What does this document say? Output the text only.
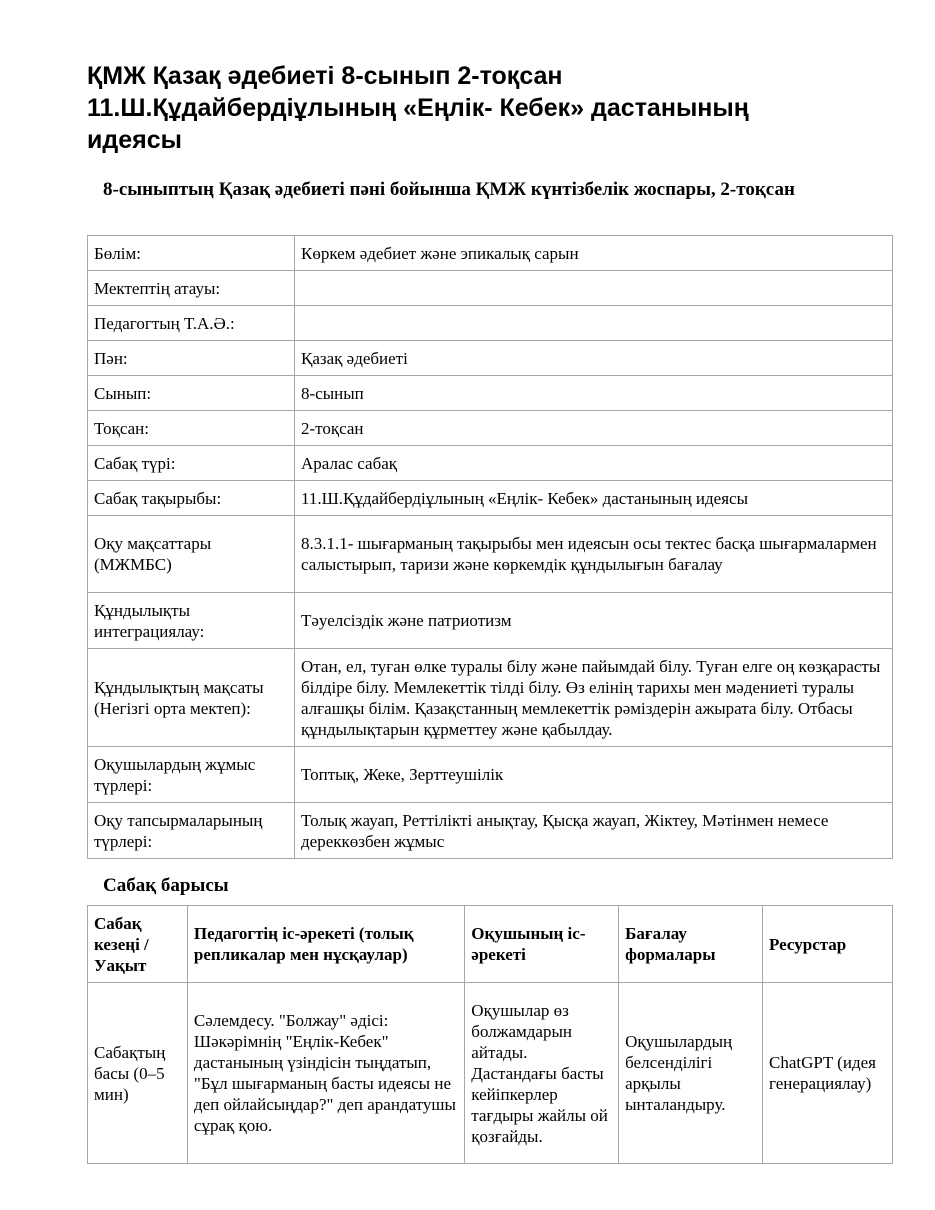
ҚМЖ Қазақ әдебиеті 8-сынып 2-тоқсан
11.Ш.Құдайбердіұлының «Еңлік- Кебек» дастанының
идеясы
8-сыныптың Қазақ әдебиеті пәні бойынша ҚМЖ күнтізбелік жоспары, 2-тоқсан
Бөлім:	Көркем әдебиет және эпикалық сарын
Мектептің атауы:	
Педагогтың Т.А.Ә.:	
Пән:	Қазақ әдебиеті
Сынып:	8-сынып
Тоқсан:	2-тоқсан
Сабақ түрі:	Аралас сабақ
Сабақ тақырыбы:	11.Ш.Құдайбердіұлының «Еңлік- Кебек» дастанының идеясы
Оқу мақсаттары (МЖМБС)	8.3.1.1- шығарманың тақырыбы мен идеясын осы тектес басқа шығармалармен салыстырып, таризи және көркемдік құндылығын бағалау
Құндылықты интеграциялау:	Тәуелсіздік және патриотизм
Құндылықтың мақсаты (Негізгі орта мектеп):	Отан, ел, туған өлке туралы білу және пайымдай білу. Туған елге оң көзқарасты білдіре білу. Мемлекеттік тілді білу. Өз елінің тарихы мен мәдениеті туралы алғашқы білім. Қазақстанның мемлекеттік рәміздерін ажырата білу. Отбасы құндылықтарын құрметтеу және қабылдау.
Оқушылардың жұмыс түрлері:	Топтық, Жеке, Зерттеушілік
Оқу тапсырмаларының түрлері:	Толық жауап, Реттілікті анықтау, Қысқа жауап, Жіктеу, Мәтінмен немесе дереккөзбен жұмыс
Сабақ барысы
Сабақ кезеңі / Уақыт	Педагогтің іс-әрекеті (толық репликалар мен нұсқаулар)	Оқушының іс-әрекеті	Бағалау формалары	Ресурстар
Сабақтың басы (0–5 мин)	Сәлемдесу. "Болжау" әдісі: Шәкәрімнің "Еңлік-Кебек" дастанының үзіндісін тыңдатып, "Бұл шығарманың басты идеясы не деп ойлайсыңдар?" деп арандатушы сұрақ қою.	Оқушылар өз болжамдарын айтады. Дастандағы басты кейіпкерлер тағдыры жайлы ой қозғайды.	Оқушылардың белсенділігі арқылы ынталандыру.	ChatGPT (идея генерациялау)
